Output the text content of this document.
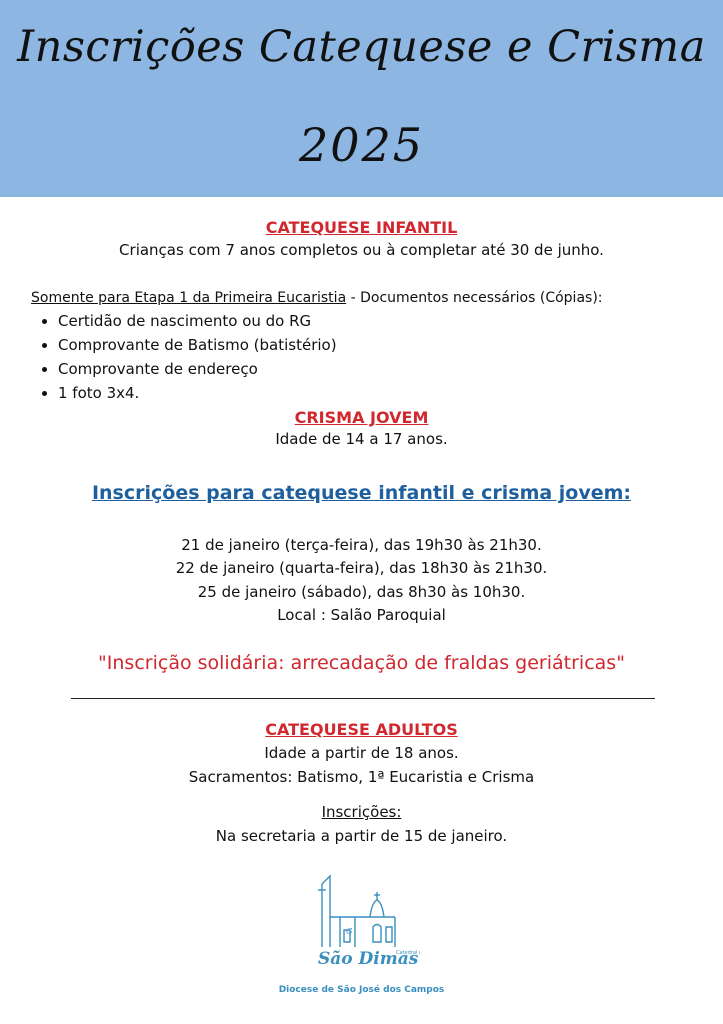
Inscrições Catequese e Crisma
2025
CATEQUESE INFANTIL
Crianças com 7 anos completos ou à completar até 30 de junho.
Somente para Etapa 1 da Primeira Eucaristia - Documentos necessários (Cópias):
• Certidão de nascimento ou do RG
• Comprovante de Batismo (batistério)
• Comprovante de endereço
• 1 foto 3x4.
CRISMA JOVEM
Idade de 14 a 17 anos.
Inscrições para catequese infantil e crisma jovem:
21 de janeiro (terça-feira), das 19h30 às 21h30.
22 de janeiro (quarta-feira), das 18h30 às 21h30.
25 de janeiro (sábado), das 8h30 às 10h30.
Local : Salão Paroquial
"Inscrição solidária: arrecadação de fraldas geriátricas"
CATEQUESE ADULTOS
Idade a partir de 18 anos.
Sacramentos: Batismo, 1ª Eucaristia e Crisma
Inscrições:
Na secretaria a partir de 15 de janeiro.
G
São Dimas
Catedral
Diocese de São José dos Campos
